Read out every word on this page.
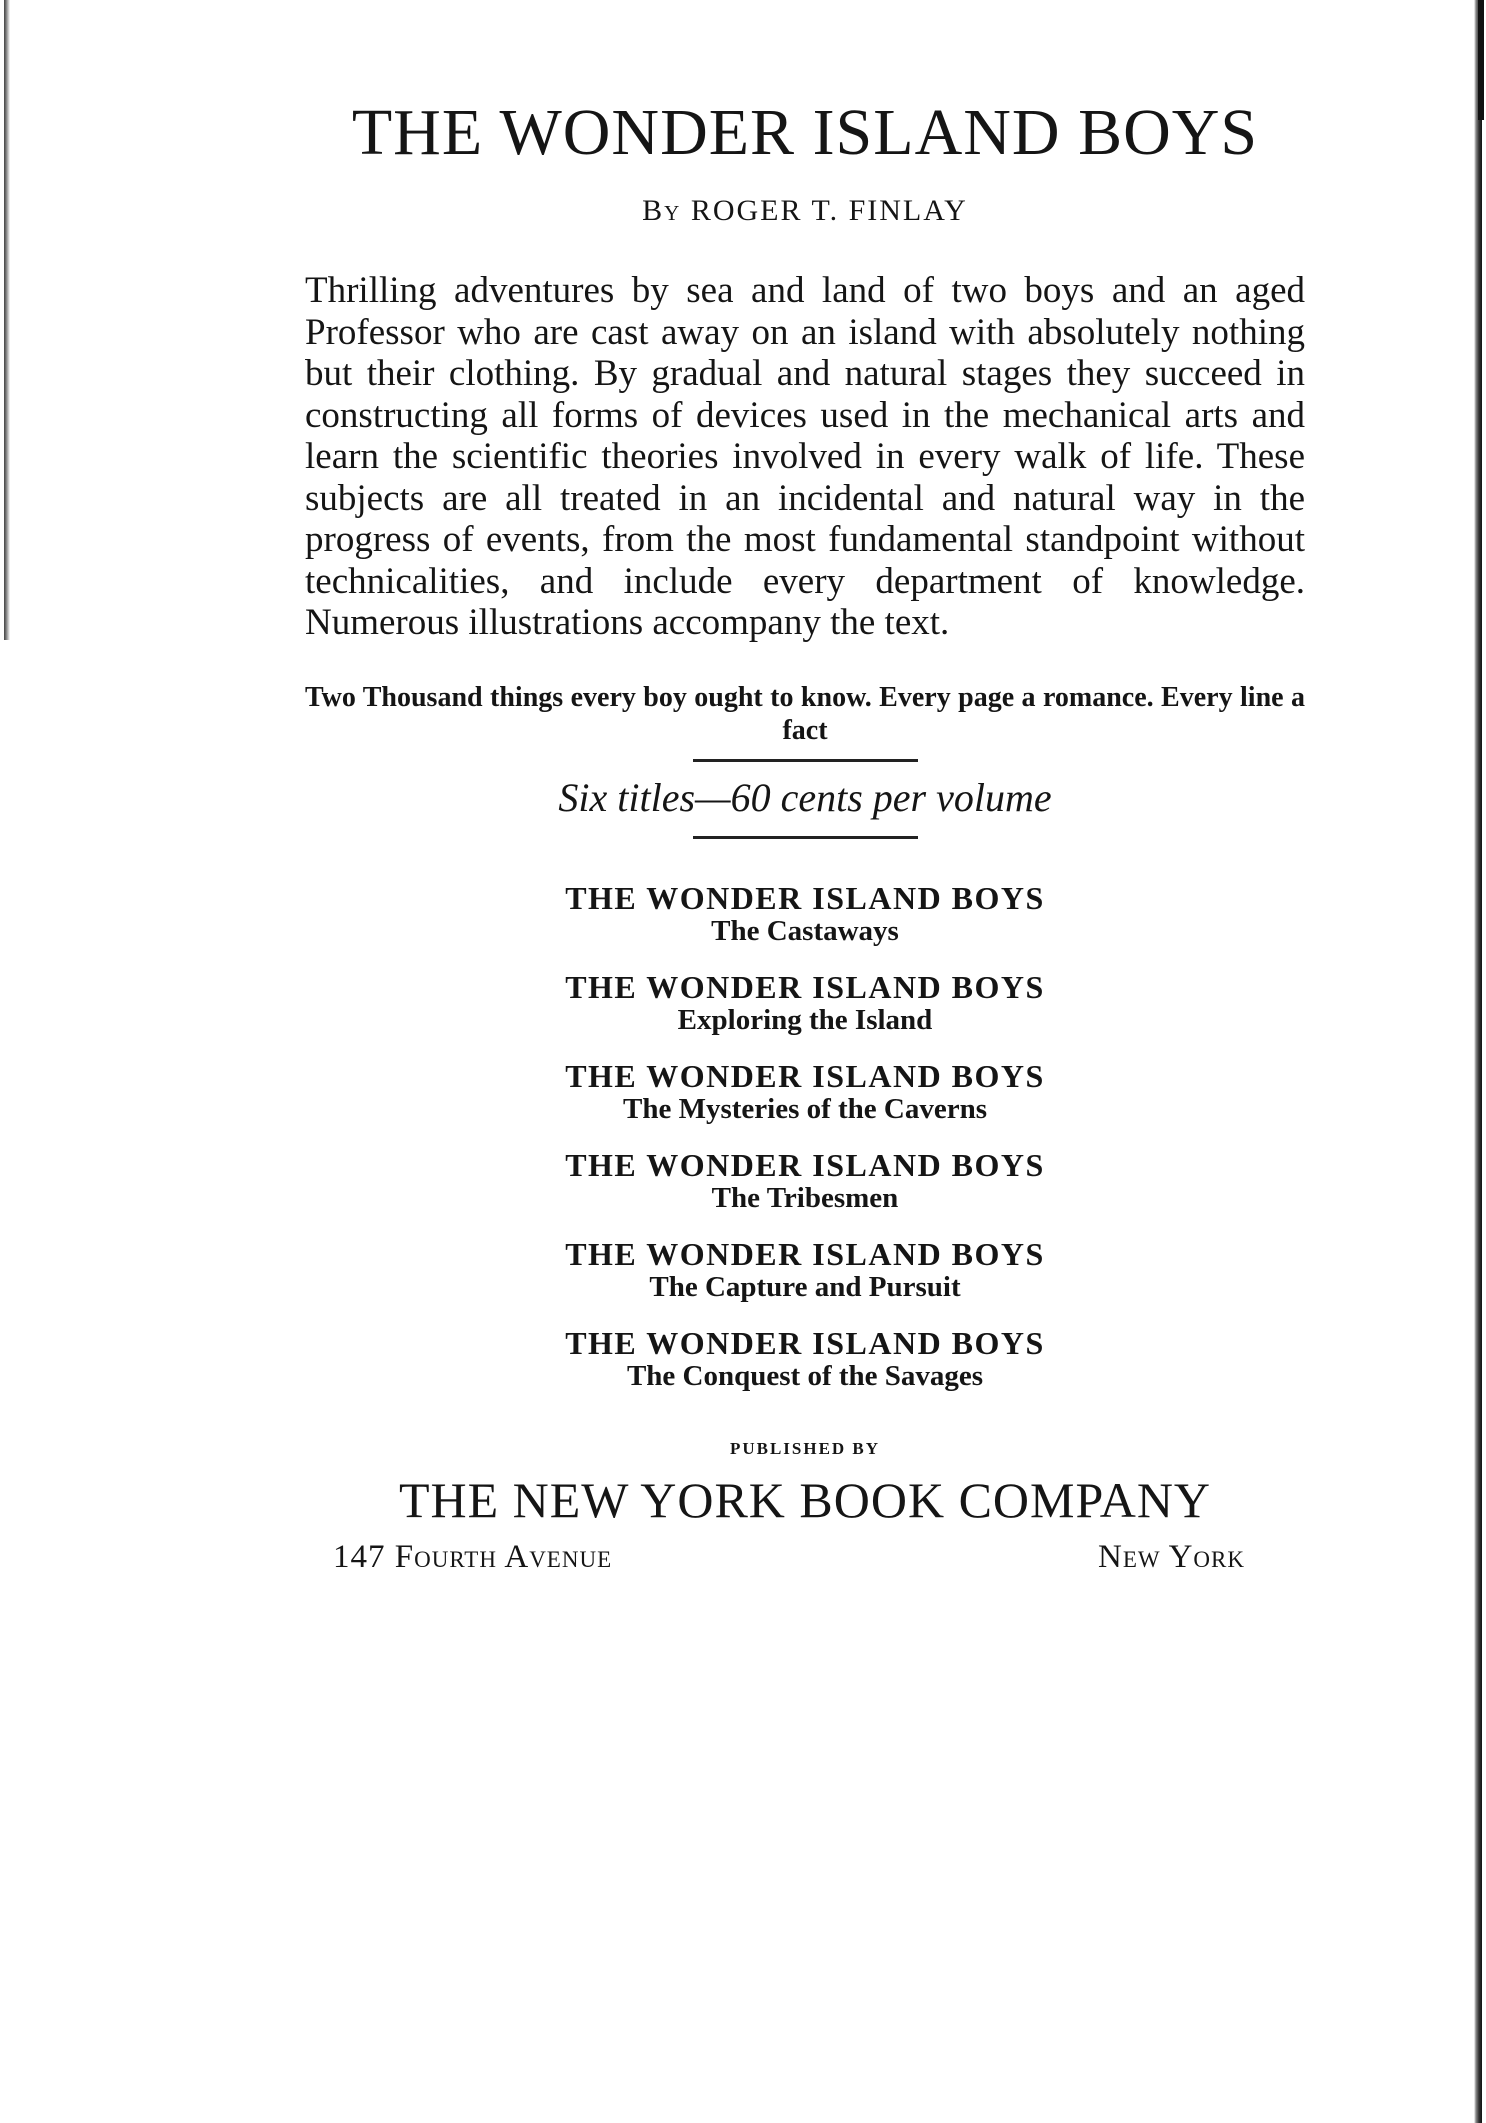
THE WONDER ISLAND BOYS
By ROGER T. FINLAY

Thrilling adventures by sea and land of two boys and an aged Professor who are cast away on an island with absolutely nothing but their clothing. By gradual and natural stages they succeed in constructing all forms of devices used in the mechanical arts and learn the scientific theories involved in every walk of life. These subjects are all treated in an incidental and natural way in the progress of events, from the most fundamental standpoint without technicalities, and include every department of knowledge. Numerous illustrations accompany the text.

Two Thousand things every boy ought to know. Every page a romance. Every line a fact
Six titles—60 cents per volume
THE WONDER ISLAND BOYS
The Castaways
THE WONDER ISLAND BOYS
Exploring the Island
THE WONDER ISLAND BOYS
The Mysteries of the Caverns
THE WONDER ISLAND BOYS
The Tribesmen
THE WONDER ISLAND BOYS
The Capture and Pursuit
THE WONDER ISLAND BOYS
The Conquest of the Savages
PUBLISHED BY
THE NEW YORK BOOK COMPANY
147 Fourth Avenue	New York
